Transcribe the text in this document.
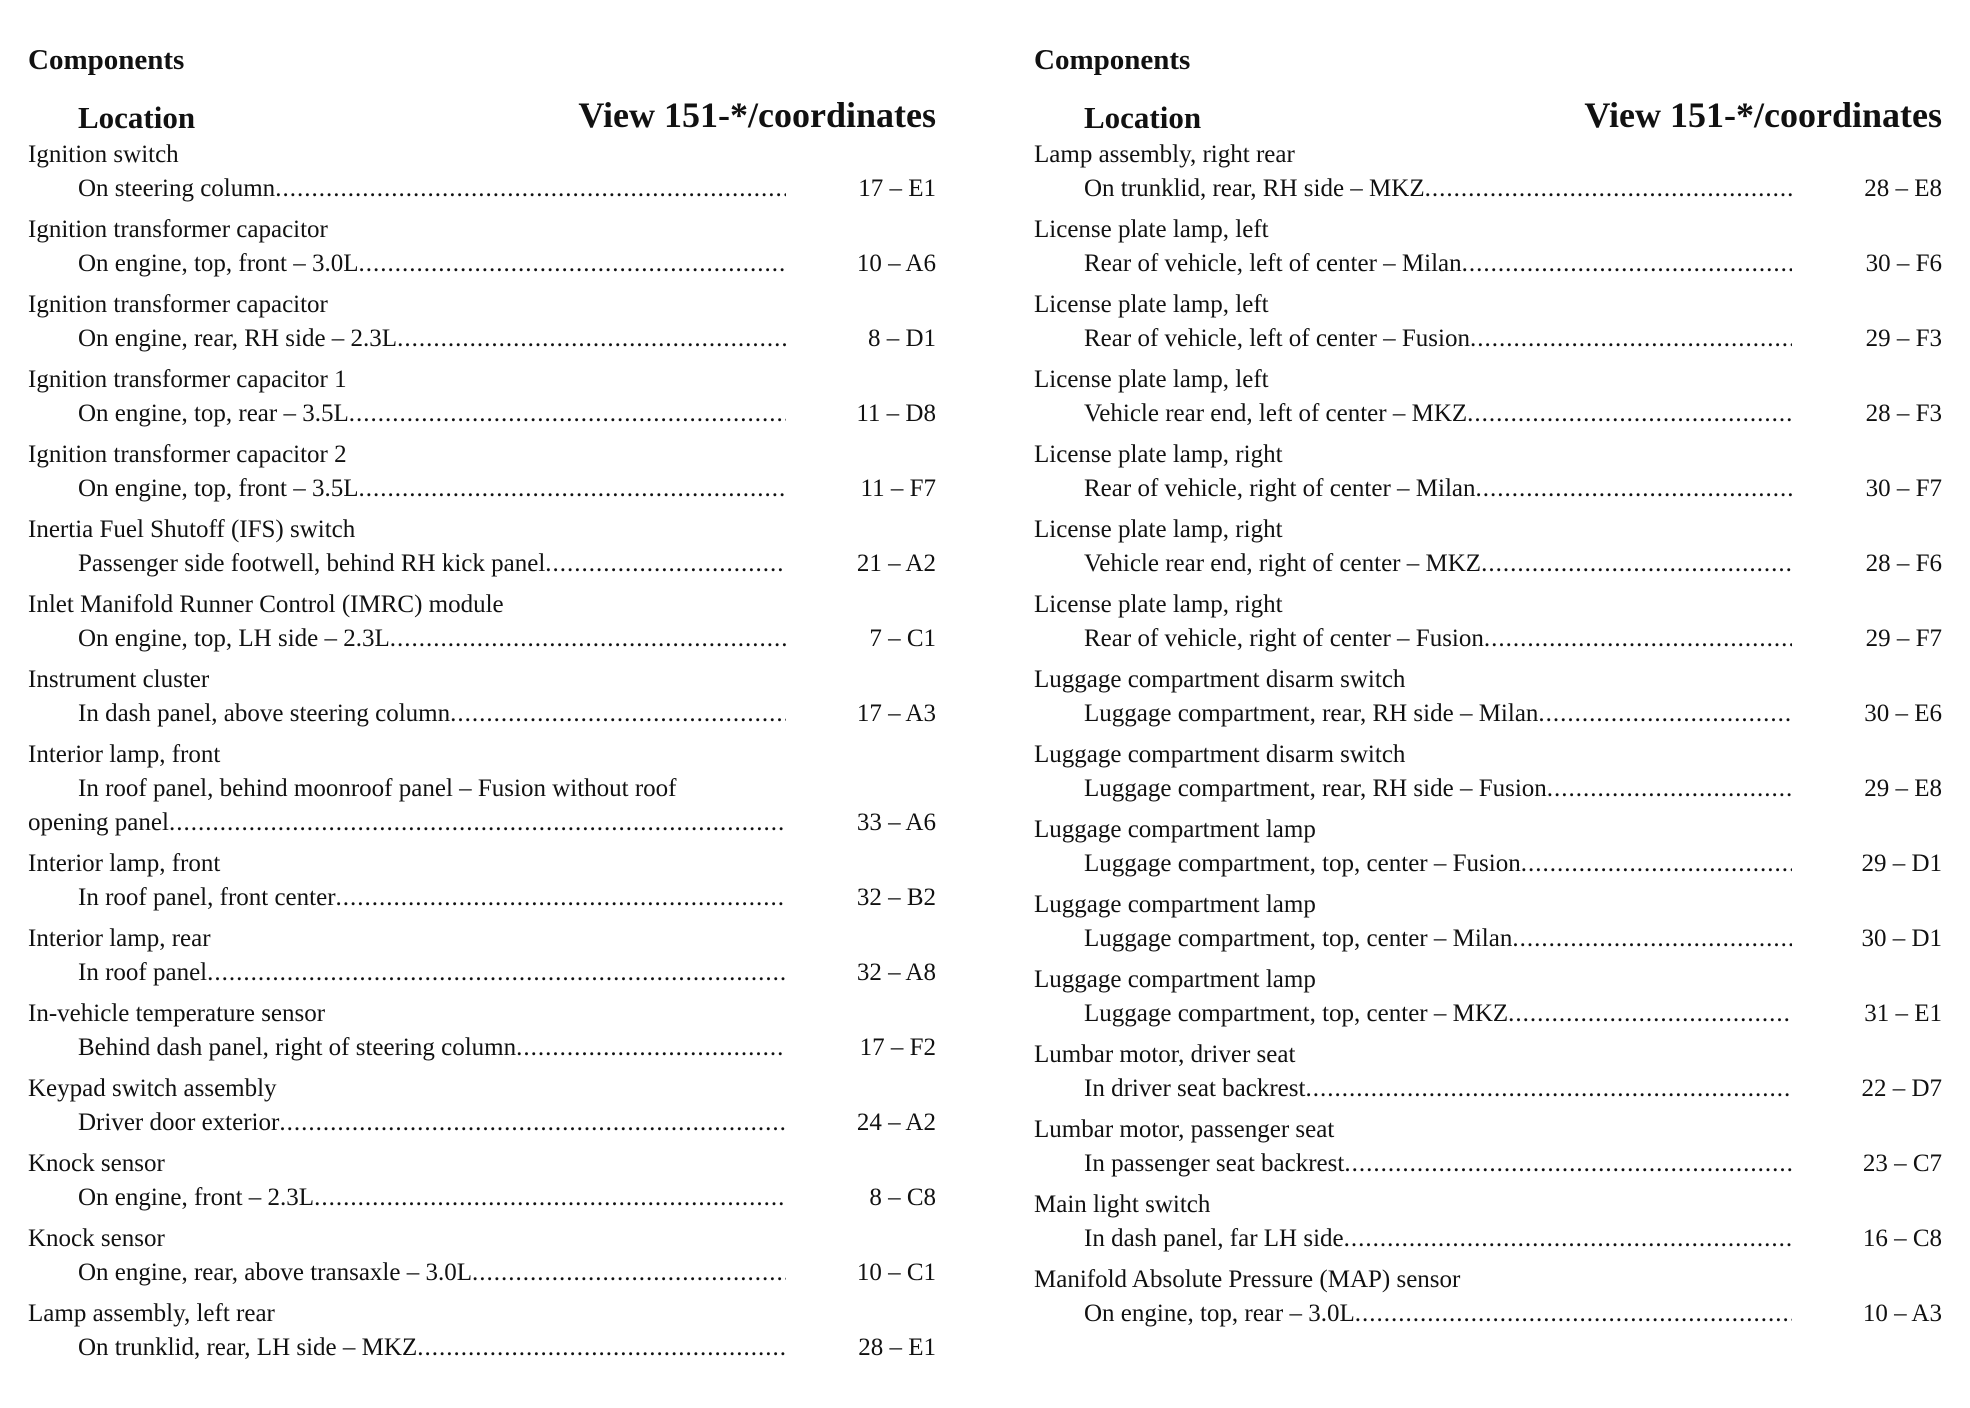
Components
Location	View 151-*/coordinates
Ignition switch
On steering column .....	17 – E1
Ignition transformer capacitor
On engine, top, front – 3.0L .....	10 – A6
Ignition transformer capacitor
On engine, rear, RH side – 2.3L .....	8 – D1
Ignition transformer capacitor 1
On engine, top, rear – 3.5L .....	11 – D8
Ignition transformer capacitor 2
On engine, top, front – 3.5L .....	11 – F7
Inertia Fuel Shutoff (IFS) switch
Passenger side footwell, behind RH kick panel .....	21 – A2
Inlet Manifold Runner Control (IMRC) module
On engine, top, LH side – 2.3L .....	7 – C1
Instrument cluster
In dash panel, above steering column .....	17 – A3
Interior lamp, front
In roof panel, behind moonroof panel – Fusion without roof
opening panel .....	33 – A6
Interior lamp, front
In roof panel, front center .....	32 – B2
Interior lamp, rear
In roof panel .....	32 – A8
In-vehicle temperature sensor
Behind dash panel, right of steering column .....	17 – F2
Keypad switch assembly
Driver door exterior .....	24 – A2
Knock sensor
On engine, front – 2.3L .....	8 – C8
Knock sensor
On engine, rear, above transaxle – 3.0L .....	10 – C1
Lamp assembly, left rear
On trunklid, rear, LH side – MKZ .....	28 – E1
Components
Location	View 151-*/coordinates
Lamp assembly, right rear
On trunklid, rear, RH side – MKZ .....	28 – E8
License plate lamp, left
Rear of vehicle, left of center – Milan .....	30 – F6
License plate lamp, left
Rear of vehicle, left of center – Fusion .....	29 – F3
License plate lamp, left
Vehicle rear end, left of center – MKZ .....	28 – F3
License plate lamp, right
Rear of vehicle, right of center – Milan .....	30 – F7
License plate lamp, right
Vehicle rear end, right of center – MKZ .....	28 – F6
License plate lamp, right
Rear of vehicle, right of center – Fusion .....	29 – F7
Luggage compartment disarm switch
Luggage compartment, rear, RH side – Milan .....	30 – E6
Luggage compartment disarm switch
Luggage compartment, rear, RH side – Fusion .....	29 – E8
Luggage compartment lamp
Luggage compartment, top, center – Fusion .....	29 – D1
Luggage compartment lamp
Luggage compartment, top, center – Milan .....	30 – D1
Luggage compartment lamp
Luggage compartment, top, center – MKZ .....	31 – E1
Lumbar motor, driver seat
In driver seat backrest .....	22 – D7
Lumbar motor, passenger seat
In passenger seat backrest .....	23 – C7
Main light switch
In dash panel, far LH side .....	16 – C8
Manifold Absolute Pressure (MAP) sensor
On engine, top, rear – 3.0L .....	10 – A3
